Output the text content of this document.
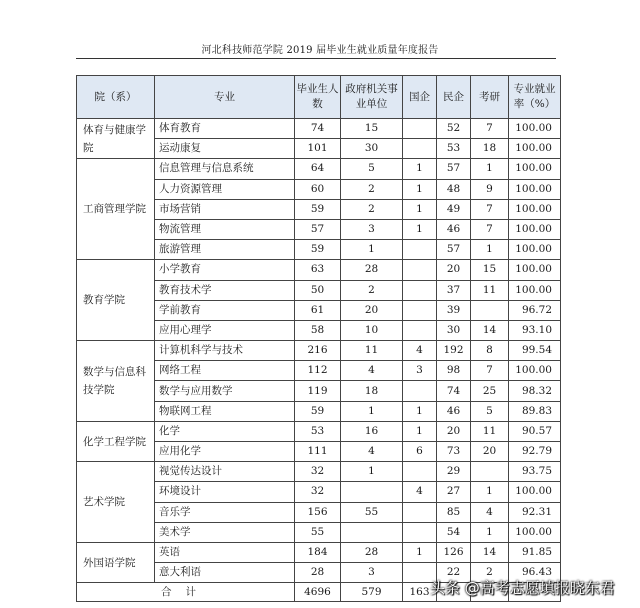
河北科技师范学院 2019 届毕业生就业质量年度报告
院（系）	专业	毕业生人数	政府机关事业单位	国企	民企	考研	专业就业率（%）
体育与健康学院	体育教育	74	15		52	7	100.00
	运动康复	101	30		53	18	100.00
工商管理学院	信息管理与信息系统	64	5	1	57	1	100.00
	人力资源管理	60	2	1	48	9	100.00
	市场营销	59	2	1	49	7	100.00
	物流管理	57	3	1	46	7	100.00
	旅游管理	59	1		57	1	100.00
教育学院	小学教育	63	28		20	15	100.00
	教育技术学	50	2		37	11	100.00
	学前教育	61	20		39		96.72
	应用心理学	58	10		30	14	93.10
数学与信息科技学院	计算机科学与技术	216	11	4	192	8	99.54
	网络工程	112	4	3	98	7	100.00
	数学与应用数学	119	18		74	25	98.32
	物联网工程	59	1	1	46	5	89.83
化学工程学院	化学	53	16	1	20	11	90.57
	应用化学	111	4	6	73	20	92.79
艺术学院	视觉传达设计	32	1		29		93.75
	环境设计	32		4	27	1	100.00
	音乐学	156	55		85	4	92.31
	美术学	55			54	1	100.00
外国语学院	英语	184	28	1	126	14	91.85
	意大利语	28	3		22	2	96.43
合计		4696	579	163			头条 @高考志愿填报晓东君
